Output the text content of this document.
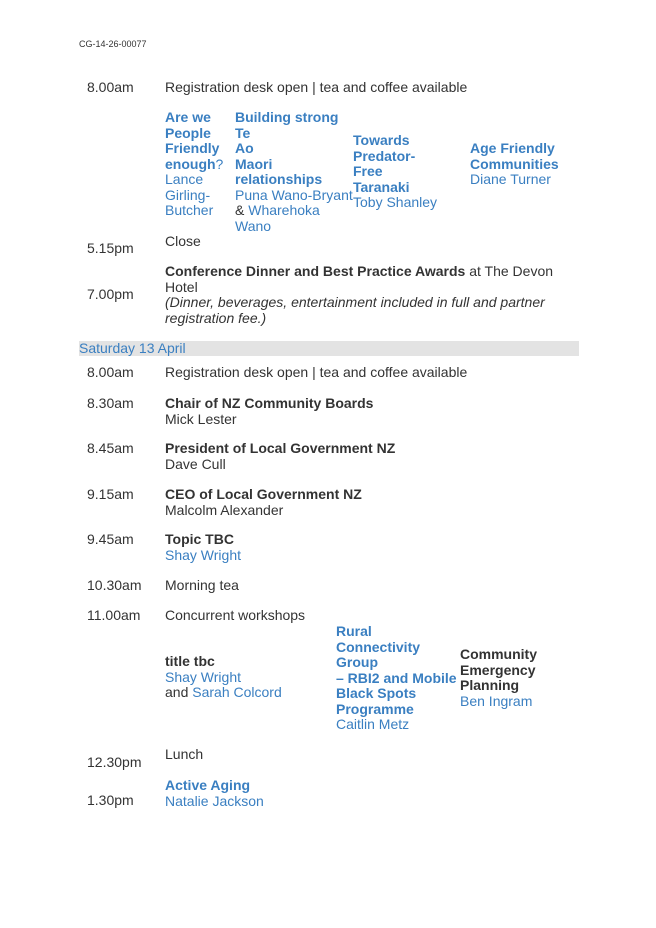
CG-14-26-00077
8.00am Registration desk open | tea and coffee available
Are we
People
Friendly
enough?
Lance
Girling-
Butcher
Building strong Te
Ao
Maori
relationships
Puna Wano-Bryant
& Wharehoka
Wano
Towards Predator-
Free
Taranaki
Toby Shanley
Age Friendly
Communities
Diane Turner
Close
5.15pm
Conference Dinner and Best Practice Awards at The Devon Hotel
(Dinner, beverages, entertainment included in full and partner
registration fee.)
7.00pm
Saturday 13 April
8.00am Registration desk open | tea and coffee available
8.30am Chair of NZ Community Boards
Mick Lester
8.45am President of Local Government NZ
Dave Cull
9.15am CEO of Local Government NZ
Malcolm Alexander
9.45am Topic TBC
Shay Wright
10.30am Morning tea
11.00am Concurrent workshops
title tbc
Shay Wright
and Sarah Colcord
Rural
Connectivity
Group
– RBI2 and Mobile
Black Spots
Programme
Caitlin Metz
Community
Emergency
Planning
Ben Ingram
Lunch
12.30pm
Active Aging
Natalie Jackson
1.30pm
